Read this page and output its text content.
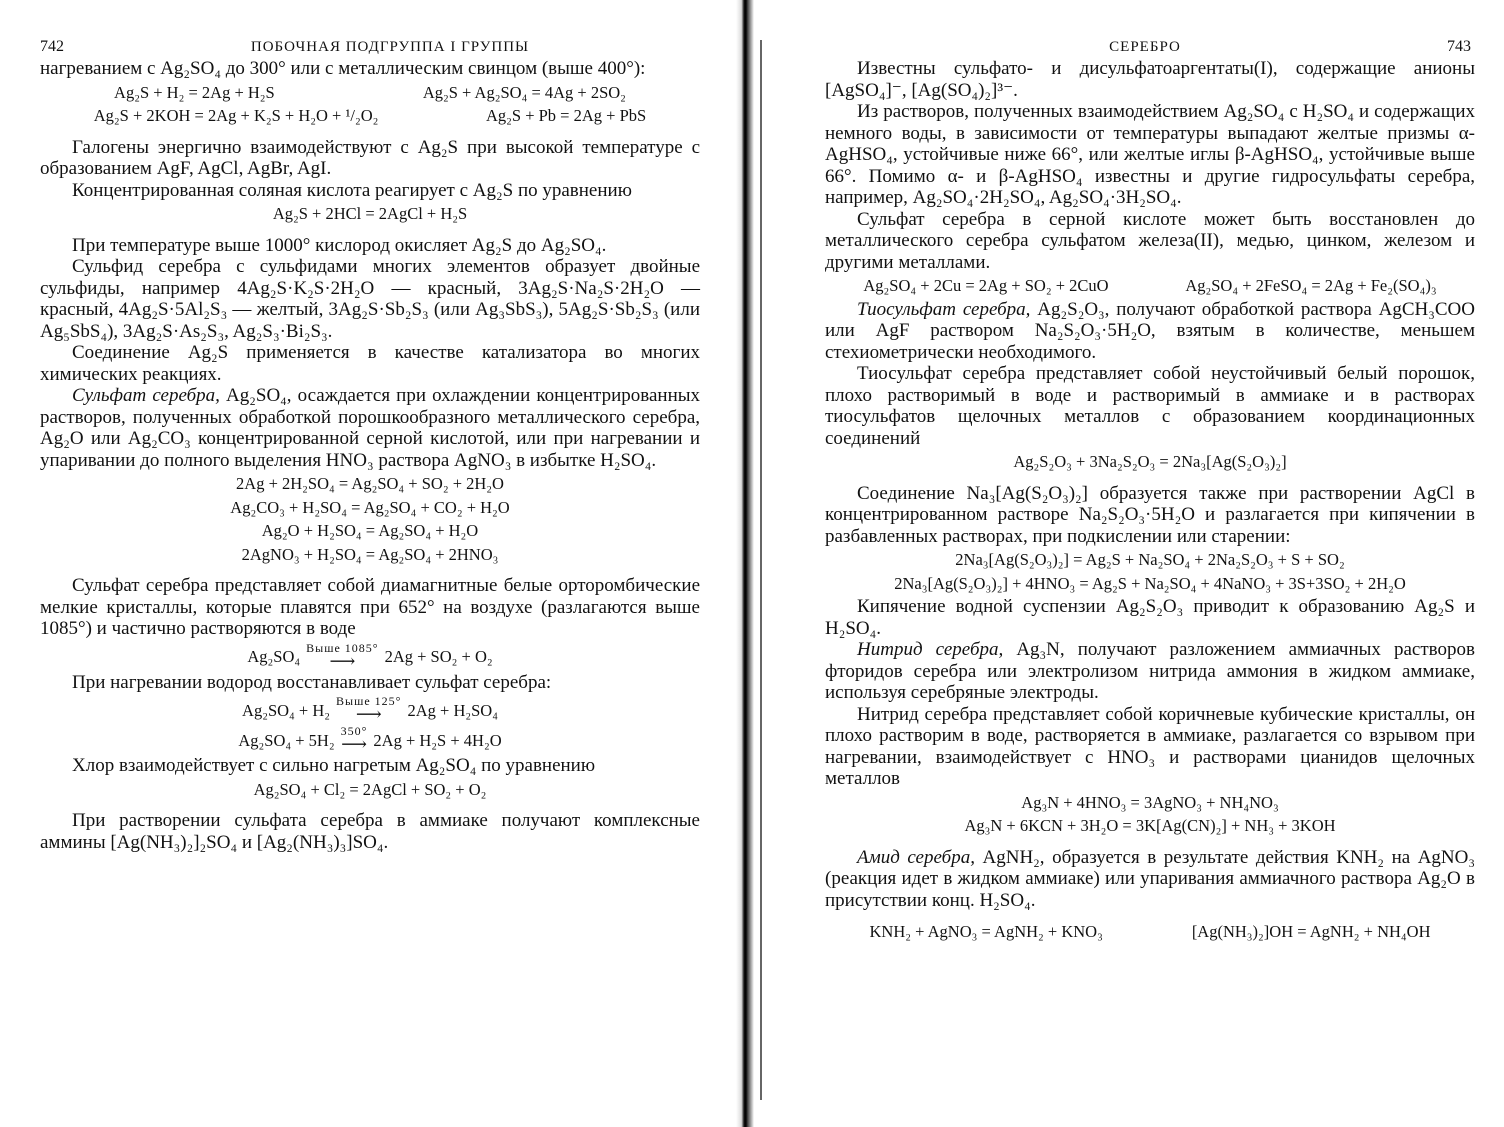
742	ПОБОЧНАЯ ПОДГРУППА I ГРУППЫ

нагреванием с Ag₂SO₄ до 300° или с металлическим свинцом (выше 400°):

Ag₂S + H₂ = 2Ag + H₂S	Ag₂S + Ag₂SO₄ = 4Ag + 2SO₂
Ag₂S + 2KOH = 2Ag + K₂S + H₂O + ¹/₂O₂	Ag₂S + Pb = 2Ag + PbS

Галогены энергично взаимодействуют с Ag₂S при высокой температуре с образованием AgF, AgCl, AgBr, AgI.

Концентрированная соляная кислота реагирует с Ag₂S по уравнению

Ag₂S + 2HCl = 2AgCl + H₂S

При температуре выше 1000° кислород окисляет Ag₂S до Ag₂SO₄.

Сульфид серебра с сульфидами многих элементов образует двойные сульфиды, например 4Ag₂S·K₂S·2H₂O — красный, 3Ag₂S·Na₂S·2H₂O — красный, 4Ag₂S·5Al₂S₃ — желтый, 3Ag₂S·Sb₂S₃ (или Ag₃SbS₃), 5Ag₂S·Sb₂S₃ (или Ag₅SbS₄), 3Ag₂S·As₂S₃, Ag₂S₃·Bi₂S₃.

Соединение Ag₂S применяется в качестве катализатора во многих химических реакциях.

Сульфат серебра, Ag₂SO₄, осаждается при охлаждении концентрированных растворов, полученных обработкой порошкообразного металлического серебра, Ag₂O или Ag₂CO₃ концентрированной серной кислотой, или при нагревании и упаривании до полного выделения HNO₃ раствора AgNO₃ в избытке H₂SO₄.

2Ag + 2H₂SO₄ = Ag₂SO₄ + SO₂ + 2H₂O
Ag₂CO₃ + H₂SO₄ = Ag₂SO₄ + CO₂ + H₂O
Ag₂O + H₂SO₄ = Ag₂SO₄ + H₂O
2AgNO₃ + H₂SO₄ = Ag₂SO₄ + 2HNO₃

Сульфат серебра представляет собой диамагнитные белые орторомбические мелкие кристаллы, которые плавятся при 652° на воздухе (разлагаются выше 1085°) и частично растворяются в воде

Ag₂SO₄ Выше 1085°
⟶ 2Ag + SO₂ + O₂

При нагревании водород восстанавливает сульфат серебра:

Ag₂SO₄ + H₂ Выше 125°
⟶ 2Ag + H₂SO₄
Ag₂SO₄ + 5H₂ 350°
⟶ 2Ag + H₂S + 4H₂O

Хлор взаимодействует с сильно нагретым Ag₂SO₄ по уравнению

Ag₂SO₄ + Cl₂ = 2AgCl + SO₂ + O₂

При растворении сульфата серебра в аммиаке получают комплексные аммины [Ag(NH₃)₂]₂SO₄ и [Ag₂(NH₃)₃]SO₄.

СЕРЕБРО	743

Известны сульфато- и дисульфатоаргентаты(I), содержащие анионы [AgSO₄]⁻, [Ag(SO₄)₂]³⁻.

Из растворов, полученных взаимодействием Ag₂SO₄ с H₂SO₄ и содержащих немного воды, в зависимости от температуры выпадают желтые призмы α-AgHSO₄, устойчивые ниже 66°, или желтые иглы β-AgHSO₄, устойчивые выше 66°. Помимо α- и β-AgHSO₄ известны и другие гидросульфаты серебра, например, Ag₂SO₄·2H₂SO₄, Ag₂SO₄·3H₂SO₄.

Сульфат серебра в серной кислоте может быть восстановлен до металлического серебра сульфатом железа(II), медью, цинком, железом и другими металлами.

Ag₂SO₄ + 2Cu = 2Ag + SO₂ + 2CuO	Ag₂SO₄ + 2FeSO₄ = 2Ag + Fe₂(SO₄)₃

Тиосульфат серебра, Ag₂S₂O₃, получают обработкой раствора AgCH₃COO или AgF раствором Na₂S₂O₃·5H₂O, взятым в количестве, меньшем стехиометрически необходимого.

Тиосульфат серебра представляет собой неустойчивый белый порошок, плохо растворимый в воде и растворимый в аммиаке и в растворах тиосульфатов щелочных металлов с образованием координационных соединений

Ag₂S₂O₃ + 3Na₂S₂O₃ = 2Na₃[Ag(S₂O₃)₂]

Соединение Na₃[Ag(S₂O₃)₂] образуется также при растворении AgCl в концентрированном растворе Na₂S₂O₃·5H₂O и разлагается при кипячении в разбавленных растворах, при подкислении или старении:

2Na₃[Ag(S₂O₃)₂] = Ag₂S + Na₂SO₄ + 2Na₂S₂O₃ + S + SO₂
2Na₃[Ag(S₂O₃)₂] + 4HNO₃ = Ag₂S + Na₂SO₄ + 4NaNO₃ + 3S+3SO₂ + 2H₂O

Кипячение водной суспензии Ag₂S₂O₃ приводит к образованию Ag₂S и H₂SO₄.

Нитрид серебра, Ag₃N, получают разложением аммиачных растворов фторидов серебра или электролизом нитрида аммония в жидком аммиаке, используя серебряные электроды.

Нитрид серебра представляет собой коричневые кубические кристаллы, он плохо растворим в воде, растворяется в аммиаке, разлагается со взрывом при нагревании, взаимодействует с HNO₃ и растворами цианидов щелочных металлов

Ag₃N + 4HNO₃ = 3AgNO₃ + NH₄NO₃
Ag₃N + 6KCN + 3H₂O = 3K[Ag(CN)₂] + NH₃ + 3KOH

Амид серебра, AgNH₂, образуется в результате действия KNH₂ на AgNO₃ (реакция идет в жидком аммиаке) или упаривания аммиачного раствора Ag₂O в присутствии конц. H₂SO₄.

KNH₂ + AgNO₃ = AgNH₂ + KNO₃	[Ag(NH₃)₂]OH = AgNH₂ + NH₄OH
